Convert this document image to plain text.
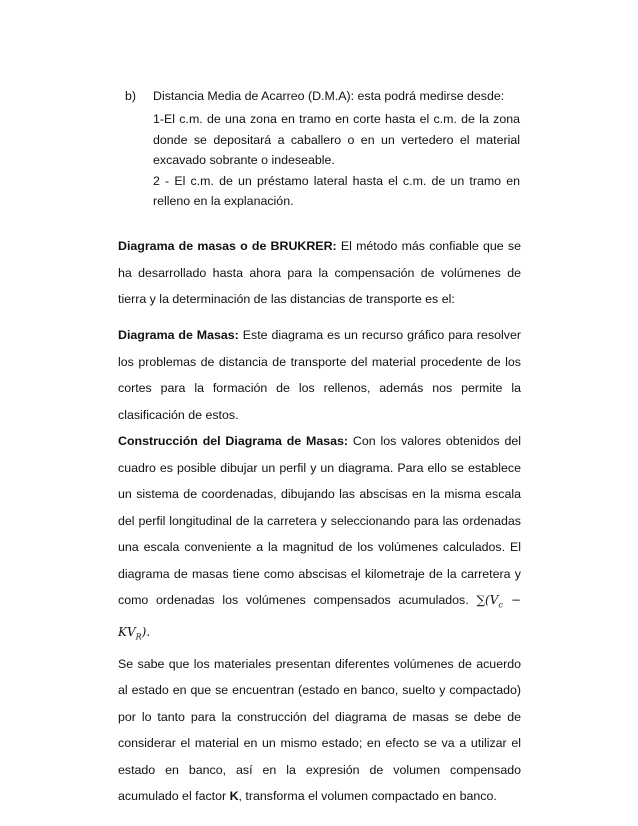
b) Distancia Media de Acarreo (D.M.A): esta podrá medirse desde:

1-El c.m. de una zona en tramo en corte hasta el c.m. de la zona donde se depositará a caballero o en un vertedero el material excavado sobrante o indeseable.

2 - El c.m. de un préstamo lateral hasta el c.m. de un tramo en relleno en la explanación.

Diagrama de masas o de BRUKRER: El método más confiable que se ha desarrollado hasta ahora para la compensación de volúmenes de tierra y la determinación de las distancias de transporte es el:

Diagrama de Masas: Este diagrama es un recurso gráfico para resolver los problemas de distancia de transporte del material procedente de los cortes para la formación de los rellenos, además nos permite la clasificación de estos.

Construcción del Diagrama de Masas: Con los valores obtenidos del cuadro es posible dibujar un perfil y un diagrama. Para ello se establece un sistema de coordenadas, dibujando las abscisas en la misma escala del perfil longitudinal de la carretera y seleccionando para las ordenadas una escala conveniente a la magnitud de los volúmenes calculados. El diagrama de masas tiene como abscisas el kilometraje de la carretera y como ordenadas los volúmenes compensados acumulados. $\sum(V_c - KV_R)$.

Se sabe que los materiales presentan diferentes volúmenes de acuerdo al estado en que se encuentran (estado en banco, suelto y compactado) por lo tanto para la construcción del diagrama de masas se debe de considerar el material en un mismo estado; en efecto se va a utilizar el estado en banco, así en la expresión de volumen compensado acumulado el factor K, transforma el volumen compactado en banco.
